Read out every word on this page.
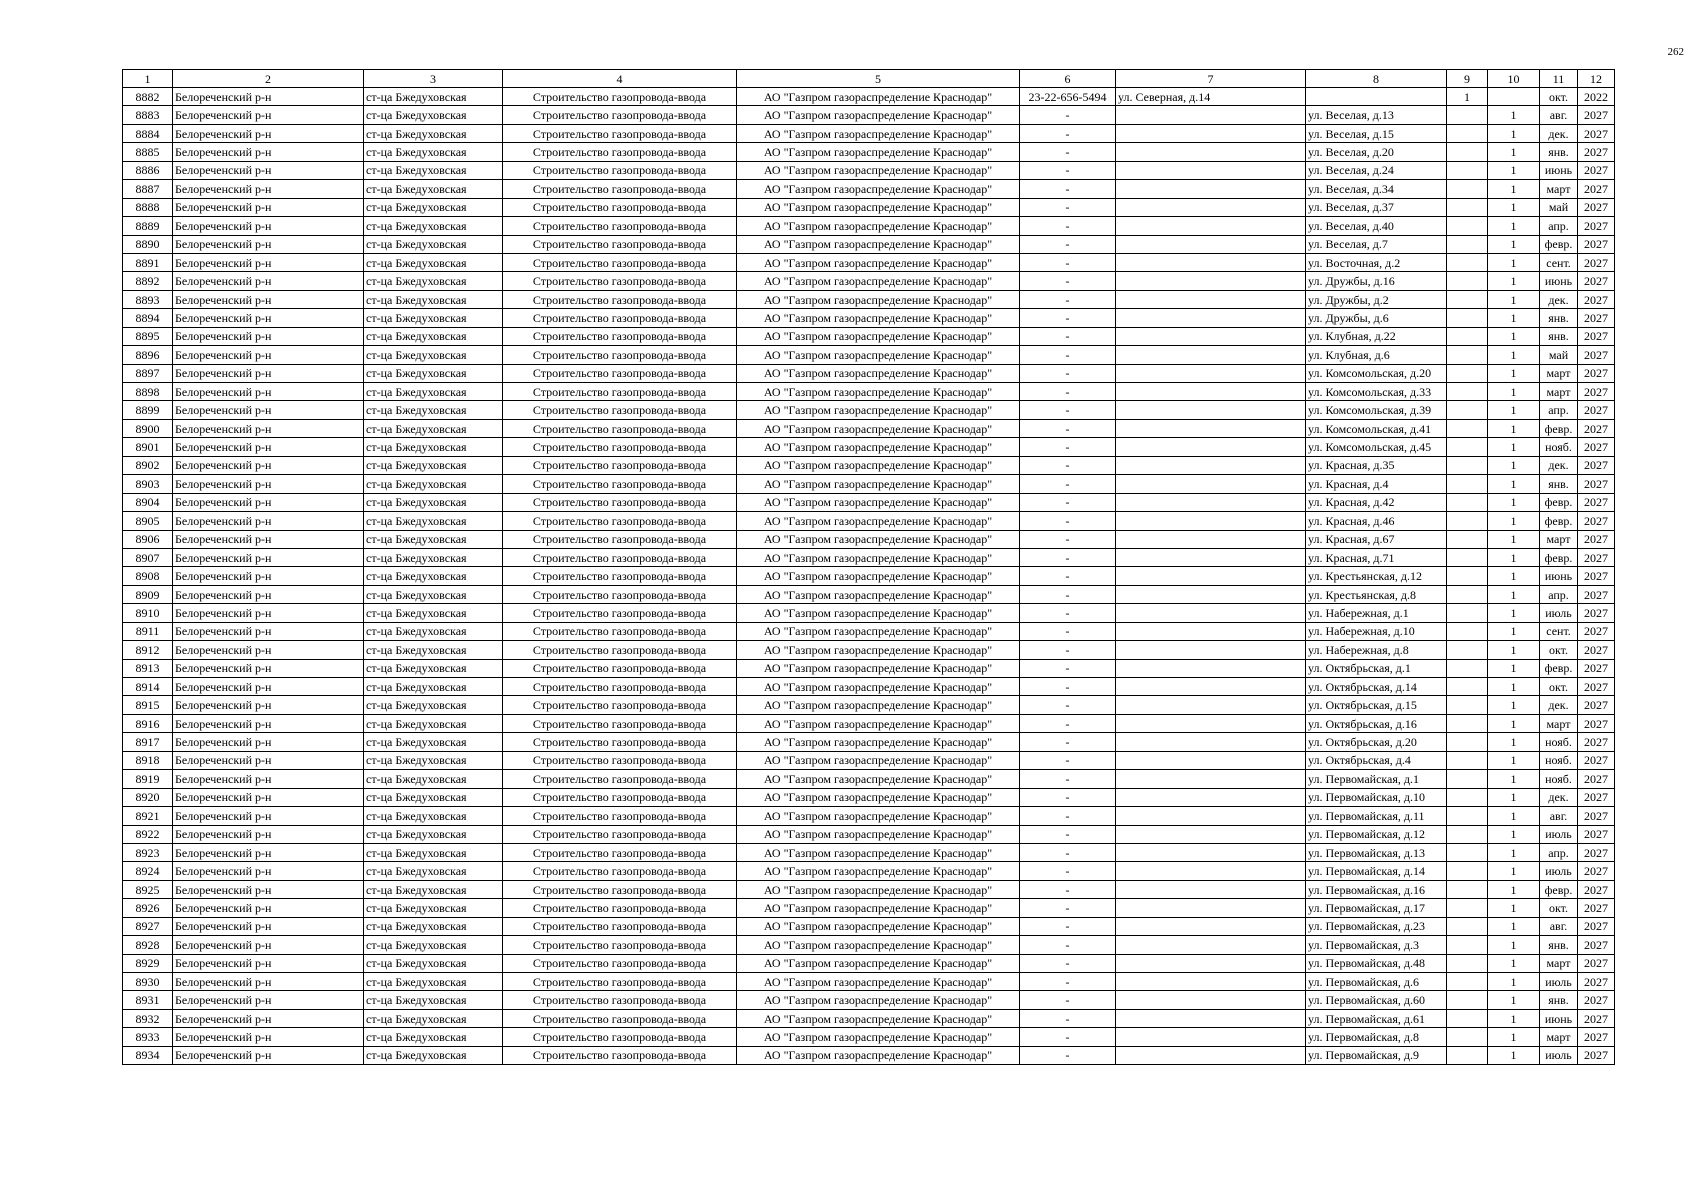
262
1	2	3	4	5	6	7	8	9	10	11	12
8882	Белореченский р-н	ст-ца Бжедуховская	Строительство газопровода-ввода	АО "Газпром газораспределение Краснодар"	23-22-656-5494	ул. Северная, д.14		1		окт.	2022
8883	Белореченский р-н	ст-ца Бжедуховская	Строительство газопровода-ввода	АО "Газпром газораспределение Краснодар"	-		ул. Веселая, д.13		1	авг.	2027
8884	Белореченский р-н	ст-ца Бжедуховская	Строительство газопровода-ввода	АО "Газпром газораспределение Краснодар"	-		ул. Веселая, д.15		1	дек.	2027
8885	Белореченский р-н	ст-ца Бжедуховская	Строительство газопровода-ввода	АО "Газпром газораспределение Краснодар"	-		ул. Веселая, д.20		1	янв.	2027
8886	Белореченский р-н	ст-ца Бжедуховская	Строительство газопровода-ввода	АО "Газпром газораспределение Краснодар"	-		ул. Веселая, д.24		1	июнь	2027
8887	Белореченский р-н	ст-ца Бжедуховская	Строительство газопровода-ввода	АО "Газпром газораспределение Краснодар"	-		ул. Веселая, д.34		1	март	2027
8888	Белореченский р-н	ст-ца Бжедуховская	Строительство газопровода-ввода	АО "Газпром газораспределение Краснодар"	-		ул. Веселая, д.37		1	май	2027
8889	Белореченский р-н	ст-ца Бжедуховская	Строительство газопровода-ввода	АО "Газпром газораспределение Краснодар"	-		ул. Веселая, д.40		1	апр.	2027
8890	Белореченский р-н	ст-ца Бжедуховская	Строительство газопровода-ввода	АО "Газпром газораспределение Краснодар"	-		ул. Веселая, д.7		1	февр.	2027
8891	Белореченский р-н	ст-ца Бжедуховская	Строительство газопровода-ввода	АО "Газпром газораспределение Краснодар"	-		ул. Восточная, д.2		1	сент.	2027
8892	Белореченский р-н	ст-ца Бжедуховская	Строительство газопровода-ввода	АО "Газпром газораспределение Краснодар"	-		ул. Дружбы, д.16		1	июнь	2027
8893	Белореченский р-н	ст-ца Бжедуховская	Строительство газопровода-ввода	АО "Газпром газораспределение Краснодар"	-		ул. Дружбы, д.2		1	дек.	2027
8894	Белореченский р-н	ст-ца Бжедуховская	Строительство газопровода-ввода	АО "Газпром газораспределение Краснодар"	-		ул. Дружбы, д.6		1	янв.	2027
8895	Белореченский р-н	ст-ца Бжедуховская	Строительство газопровода-ввода	АО "Газпром газораспределение Краснодар"	-		ул. Клубная, д.22		1	янв.	2027
8896	Белореченский р-н	ст-ца Бжедуховская	Строительство газопровода-ввода	АО "Газпром газораспределение Краснодар"	-		ул. Клубная, д.6		1	май	2027
8897	Белореченский р-н	ст-ца Бжедуховская	Строительство газопровода-ввода	АО "Газпром газораспределение Краснодар"	-		ул. Комсомольская, д.20		1	март	2027
8898	Белореченский р-н	ст-ца Бжедуховская	Строительство газопровода-ввода	АО "Газпром газораспределение Краснодар"	-		ул. Комсомольская, д.33		1	март	2027
8899	Белореченский р-н	ст-ца Бжедуховская	Строительство газопровода-ввода	АО "Газпром газораспределение Краснодар"	-		ул. Комсомольская, д.39		1	апр.	2027
8900	Белореченский р-н	ст-ца Бжедуховская	Строительство газопровода-ввода	АО "Газпром газораспределение Краснодар"	-		ул. Комсомольская, д.41		1	февр.	2027
8901	Белореченский р-н	ст-ца Бжедуховская	Строительство газопровода-ввода	АО "Газпром газораспределение Краснодар"	-		ул. Комсомольская, д.45		1	нояб.	2027
8902	Белореченский р-н	ст-ца Бжедуховская	Строительство газопровода-ввода	АО "Газпром газораспределение Краснодар"	-		ул. Красная, д.35		1	дек.	2027
8903	Белореченский р-н	ст-ца Бжедуховская	Строительство газопровода-ввода	АО "Газпром газораспределение Краснодар"	-		ул. Красная, д.4		1	янв.	2027
8904	Белореченский р-н	ст-ца Бжедуховская	Строительство газопровода-ввода	АО "Газпром газораспределение Краснодар"	-		ул. Красная, д.42		1	февр.	2027
8905	Белореченский р-н	ст-ца Бжедуховская	Строительство газопровода-ввода	АО "Газпром газораспределение Краснодар"	-		ул. Красная, д.46		1	февр.	2027
8906	Белореченский р-н	ст-ца Бжедуховская	Строительство газопровода-ввода	АО "Газпром газораспределение Краснодар"	-		ул. Красная, д.67		1	март	2027
8907	Белореченский р-н	ст-ца Бжедуховская	Строительство газопровода-ввода	АО "Газпром газораспределение Краснодар"	-		ул. Красная, д.71		1	февр.	2027
8908	Белореченский р-н	ст-ца Бжедуховская	Строительство газопровода-ввода	АО "Газпром газораспределение Краснодар"	-		ул. Крестьянская, д.12		1	июнь	2027
8909	Белореченский р-н	ст-ца Бжедуховская	Строительство газопровода-ввода	АО "Газпром газораспределение Краснодар"	-		ул. Крестьянская, д.8		1	апр.	2027
8910	Белореченский р-н	ст-ца Бжедуховская	Строительство газопровода-ввода	АО "Газпром газораспределение Краснодар"	-		ул. Набережная, д.1		1	июль	2027
8911	Белореченский р-н	ст-ца Бжедуховская	Строительство газопровода-ввода	АО "Газпром газораспределение Краснодар"	-		ул. Набережная, д.10		1	сент.	2027
8912	Белореченский р-н	ст-ца Бжедуховская	Строительство газопровода-ввода	АО "Газпром газораспределение Краснодар"	-		ул. Набережная, д.8		1	окт.	2027
8913	Белореченский р-н	ст-ца Бжедуховская	Строительство газопровода-ввода	АО "Газпром газораспределение Краснодар"	-		ул. Октябрьская, д.1		1	февр.	2027
8914	Белореченский р-н	ст-ца Бжедуховская	Строительство газопровода-ввода	АО "Газпром газораспределение Краснодар"	-		ул. Октябрьская, д.14		1	окт.	2027
8915	Белореченский р-н	ст-ца Бжедуховская	Строительство газопровода-ввода	АО "Газпром газораспределение Краснодар"	-		ул. Октябрьская, д.15		1	дек.	2027
8916	Белореченский р-н	ст-ца Бжедуховская	Строительство газопровода-ввода	АО "Газпром газораспределение Краснодар"	-		ул. Октябрьская, д.16		1	март	2027
8917	Белореченский р-н	ст-ца Бжедуховская	Строительство газопровода-ввода	АО "Газпром газораспределение Краснодар"	-		ул. Октябрьская, д.20		1	нояб.	2027
8918	Белореченский р-н	ст-ца Бжедуховская	Строительство газопровода-ввода	АО "Газпром газораспределение Краснодар"	-		ул. Октябрьская, д.4		1	нояб.	2027
8919	Белореченский р-н	ст-ца Бжедуховская	Строительство газопровода-ввода	АО "Газпром газораспределение Краснодар"	-		ул. Первомайская, д.1		1	нояб.	2027
8920	Белореченский р-н	ст-ца Бжедуховская	Строительство газопровода-ввода	АО "Газпром газораспределение Краснодар"	-		ул. Первомайская, д.10		1	дек.	2027
8921	Белореченский р-н	ст-ца Бжедуховская	Строительство газопровода-ввода	АО "Газпром газораспределение Краснодар"	-		ул. Первомайская, д.11		1	авг.	2027
8922	Белореченский р-н	ст-ца Бжедуховская	Строительство газопровода-ввода	АО "Газпром газораспределение Краснодар"	-		ул. Первомайская, д.12		1	июль	2027
8923	Белореченский р-н	ст-ца Бжедуховская	Строительство газопровода-ввода	АО "Газпром газораспределение Краснодар"	-		ул. Первомайская, д.13		1	апр.	2027
8924	Белореченский р-н	ст-ца Бжедуховская	Строительство газопровода-ввода	АО "Газпром газораспределение Краснодар"	-		ул. Первомайская, д.14		1	июль	2027
8925	Белореченский р-н	ст-ца Бжедуховская	Строительство газопровода-ввода	АО "Газпром газораспределение Краснодар"	-		ул. Первомайская, д.16		1	февр.	2027
8926	Белореченский р-н	ст-ца Бжедуховская	Строительство газопровода-ввода	АО "Газпром газораспределение Краснодар"	-		ул. Первомайская, д.17		1	окт.	2027
8927	Белореченский р-н	ст-ца Бжедуховская	Строительство газопровода-ввода	АО "Газпром газораспределение Краснодар"	-		ул. Первомайская, д.23		1	авг.	2027
8928	Белореченский р-н	ст-ца Бжедуховская	Строительство газопровода-ввода	АО "Газпром газораспределение Краснодар"	-		ул. Первомайская, д.3		1	янв.	2027
8929	Белореченский р-н	ст-ца Бжедуховская	Строительство газопровода-ввода	АО "Газпром газораспределение Краснодар"	-		ул. Первомайская, д.48		1	март	2027
8930	Белореченский р-н	ст-ца Бжедуховская	Строительство газопровода-ввода	АО "Газпром газораспределение Краснодар"	-		ул. Первомайская, д.6		1	июль	2027
8931	Белореченский р-н	ст-ца Бжедуховская	Строительство газопровода-ввода	АО "Газпром газораспределение Краснодар"	-		ул. Первомайская, д.60		1	янв.	2027
8932	Белореченский р-н	ст-ца Бжедуховская	Строительство газопровода-ввода	АО "Газпром газораспределение Краснодар"	-		ул. Первомайская, д.61		1	июнь	2027
8933	Белореченский р-н	ст-ца Бжедуховская	Строительство газопровода-ввода	АО "Газпром газораспределение Краснодар"	-		ул. Первомайская, д.8		1	март	2027
8934	Белореченский р-н	ст-ца Бжедуховская	Строительство газопровода-ввода	АО "Газпром газораспределение Краснодар"	-		ул. Первомайская, д.9		1	июль	2027
